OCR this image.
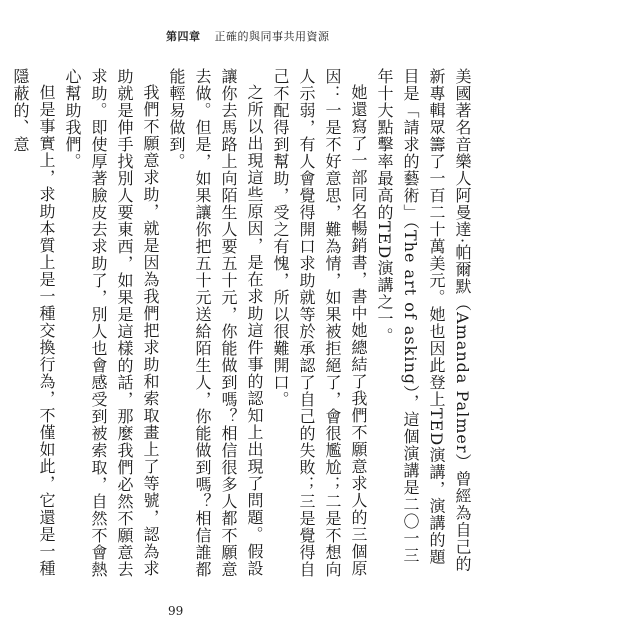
第四章 正確的與同事共用資源

美國著名音樂人阿曼達·帕爾默（Amanda Palmer）曾經為自己的新專輯眾籌了一百二十萬美元。她也因此登上TED演講，演講的題目是「請求的藝術」（The art of asking），這個演講是二〇一三年十大點擊率最高的TED演講之一。

她還寫了一部同名暢銷書，書中她總結了我們不願意求人的三個原因：一是不好意思，難為情，如果被拒絕了，會很尷尬；二是不想向人示弱，有人會覺得開口求助就等於承認了自己的失敗；三是覺得自己不配得到幫助，受之有愧，所以很難開口。

之所以出現這些原因，是在求助這件事的認知上出現了問題。假設讓你去馬路上向陌生人要五十元，你能做到嗎？相信很多人都不願意去做。但是，如果讓你把五十元送給陌生人，你能做到嗎？相信誰都能輕易做到。

我們不願意求助，就是因為我們把求助和索取畫上了等號，認為求助就是伸手找別人要東西，如果是這樣的話，那麼我們必然不願意去求助。即使厚著臉皮去求助了，別人也會感受到被索取，自然不會熱心幫助我們。

但是事實上，求助本質上是一種交換行為，不僅如此，它還是一種隱蔽的、意

99
